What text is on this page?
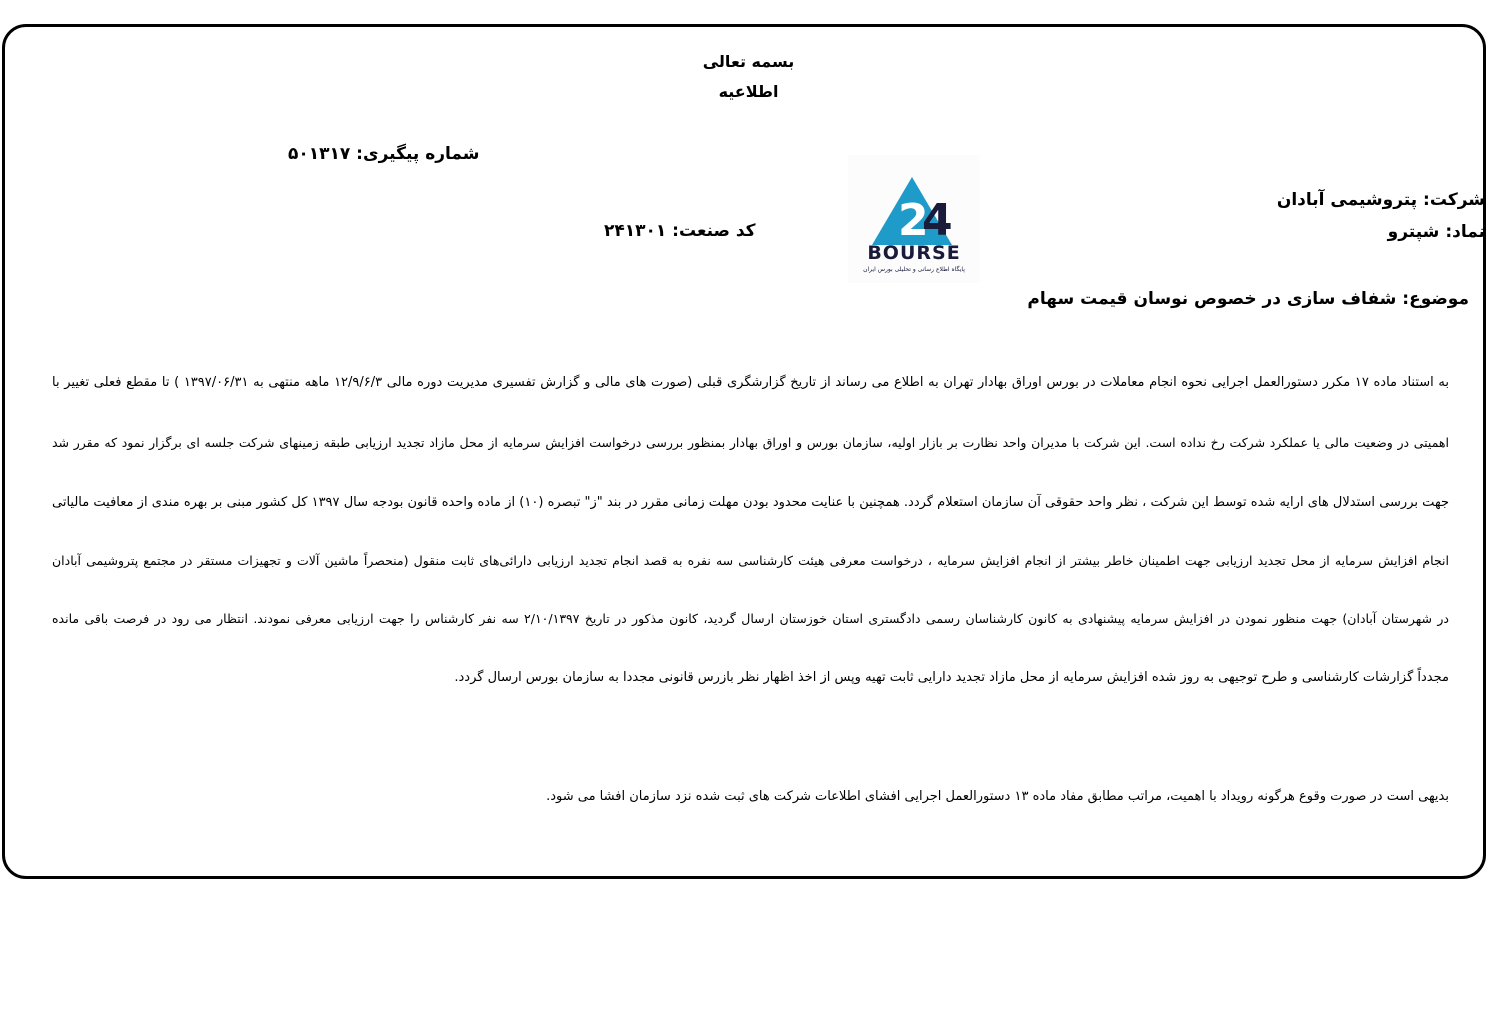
بسمه تعالی
اطلاعیه
شماره پیگیری: ۵۰۱۳۱۷
کد صنعت: ۲۴۱۳۰۱
شرکت: پتروشیمی آبادان
نماد: شپترو
موضوع: شفاف سازی در خصوص نوسان قیمت سهام
2
4
BOURSE
پایگاه اطلاع رسانی و تحلیلی بورس ایران
به استناد ماده ۱۷ مکرر دستورالعمل اجرایی نحوه انجام معاملات در بورس اوراق بهادار تهران به اطلاع می رساند از تاریخ گزارشگری قبلی (صورت های مالی و گزارش تفسیری مدیریت دوره مالی ۱۲/۹/۶/۳ ماهه منتهی به ۱۳۹۷/۰۶/۳۱ ) تا مقطع فعلی تغییر با
اهمیتی در وضعیت مالی یا عملکرد شرکت رخ نداده است. این شرکت با مدیران واحد نظارت بر بازار اولیه، سازمان بورس و اوراق بهادار بمنظور بررسی درخواست افزایش سرمایه از محل مازاد تجدید ارزیابی طبقه زمینهای شرکت جلسه ای برگزار نمود که مقرر شد
جهت بررسی استدلال های ارایه شده توسط این شرکت ، نظر واحد حقوقی آن سازمان استعلام گردد. همچنین با عنایت محدود بودن مهلت زمانی مقرر در بند "ز" تبصره (۱۰) از ماده واحده قانون بودجه سال ۱۳۹۷ کل کشور مبنی بر بهره مندی از معافیت مالیاتی
انجام افزایش سرمایه از محل تجدید ارزیابی جهت اطمینان خاطر بیشتر از انجام افزایش سرمایه ، درخواست معرفی هیئت کارشناسی سه نفره به قصد انجام تجدید ارزیابی دارائی‌های ثابت منقول (منحصراً ماشین آلات و تجهیزات مستقر در مجتمع پتروشیمی آبادان
در شهرستان آبادان) جهت منظور نمودن در افزایش سرمایه پیشنهادی به کانون کارشناسان رسمی دادگستری استان خوزستان ارسال گردید، کانون مذکور در تاریخ ۲/۱۰/۱۳۹۷ سه نفر کارشناس را جهت ارزیابی معرفی نمودند. انتظار می رود در فرصت باقی مانده
مجدداً گزارشات کارشناسی و طرح توجیهی به روز شده افزایش سرمایه از محل مازاد تجدید دارایی ثابت تهیه وپس از اخذ اظهار نظر بازرس قانونی مجددا به سازمان بورس ارسال گردد.
بدیهی است در صورت وقوع هرگونه رویداد با اهمیت، مراتب مطابق مفاد ماده ۱۳ دستورالعمل اجرایی افشای اطلاعات شرکت های ثبت شده نزد سازمان افشا می شود.
